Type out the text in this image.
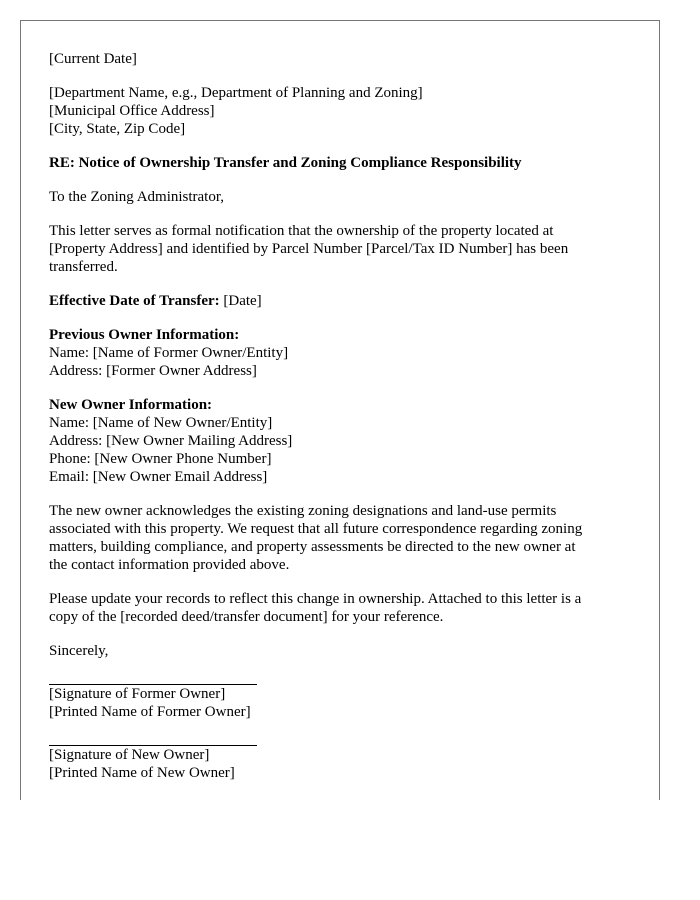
[Current Date]
[Department Name, e.g., Department of Planning and Zoning]
[Municipal Office Address]
[City, State, Zip Code]
RE: Notice of Ownership Transfer and Zoning Compliance Responsibility
To the Zoning Administrator,
This letter serves as formal notification that the ownership of the property located at
[Property Address] and identified by Parcel Number [Parcel/Tax ID Number] has been
transferred.
Effective Date of Transfer: [Date]
Previous Owner Information:
Name: [Name of Former Owner/Entity]
Address: [Former Owner Address]
New Owner Information:
Name: [Name of New Owner/Entity]
Address: [New Owner Mailing Address]
Phone: [New Owner Phone Number]
Email: [New Owner Email Address]
The new owner acknowledges the existing zoning designations and land-use permits
associated with this property. We request that all future correspondence regarding zoning
matters, building compliance, and property assessments be directed to the new owner at
the contact information provided above.
Please update your records to reflect this change in ownership. Attached to this letter is a
copy of the [recorded deed/transfer document] for your reference.
Sincerely,
[Signature of Former Owner]
[Printed Name of Former Owner]
[Signature of New Owner]
[Printed Name of New Owner]
